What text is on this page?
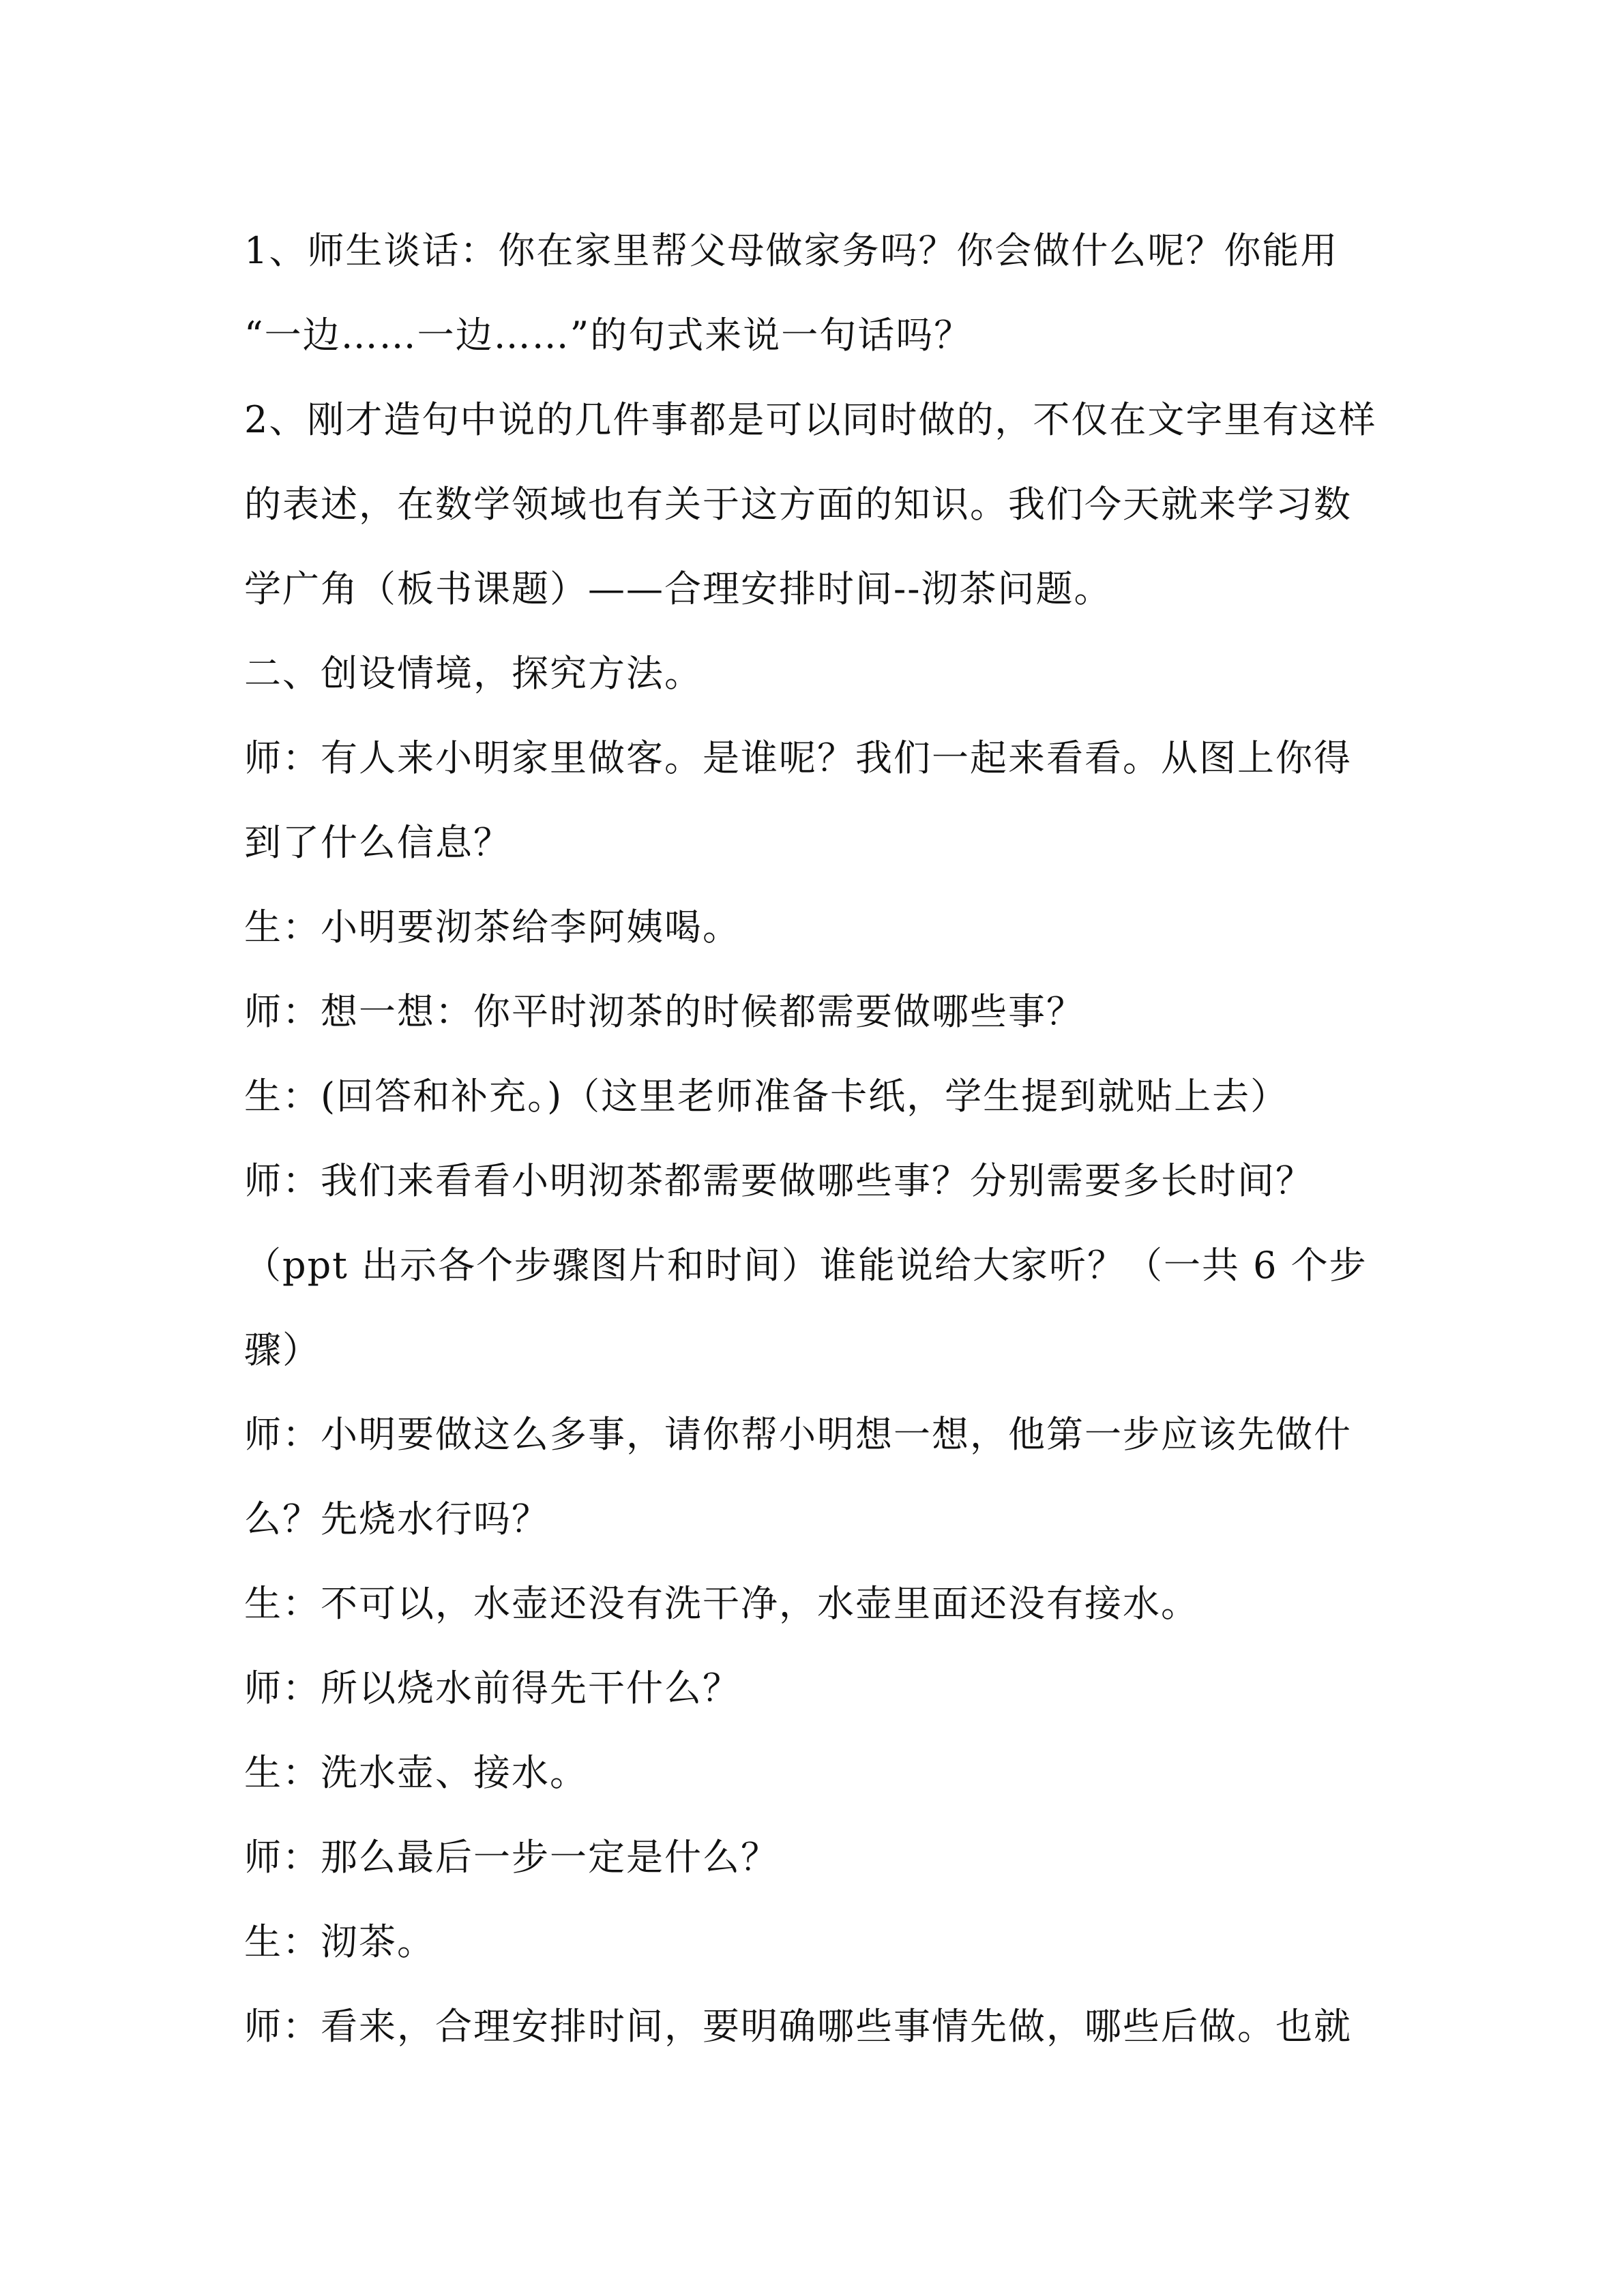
1、师生谈话：你在家里帮父母做家务吗？你会做什么呢？你能用
“一边……一边……”的句式来说一句话吗？
2、刚才造句中说的几件事都是可以同时做的，不仅在文字里有这样
的表述，在数学领域也有关于这方面的知识。我们今天就来学习数
学广角（板书课题）——合理安排时间--沏茶问题。
二、创设情境，探究方法。
师：有人来小明家里做客。是谁呢？我们一起来看看。从图上你得
到了什么信息？
生：小明要沏茶给李阿姨喝。
师：想一想：你平时沏茶的时候都需要做哪些事？
生：(回答和补充。)（这里老师准备卡纸，学生提到就贴上去）
师：我们来看看小明沏茶都需要做哪些事？分别需要多长时间？
（ppt 出示各个步骤图片和时间）谁能说给大家听？（一共 6 个步
骤）
师：小明要做这么多事，请你帮小明想一想，他第一步应该先做什
么？先烧水行吗？
生：不可以，水壶还没有洗干净，水壶里面还没有接水。
师：所以烧水前得先干什么？
生：洗水壶、接水。
师：那么最后一步一定是什么？
生：沏茶。
师：看来，合理安排时间，要明确哪些事情先做，哪些后做。也就
